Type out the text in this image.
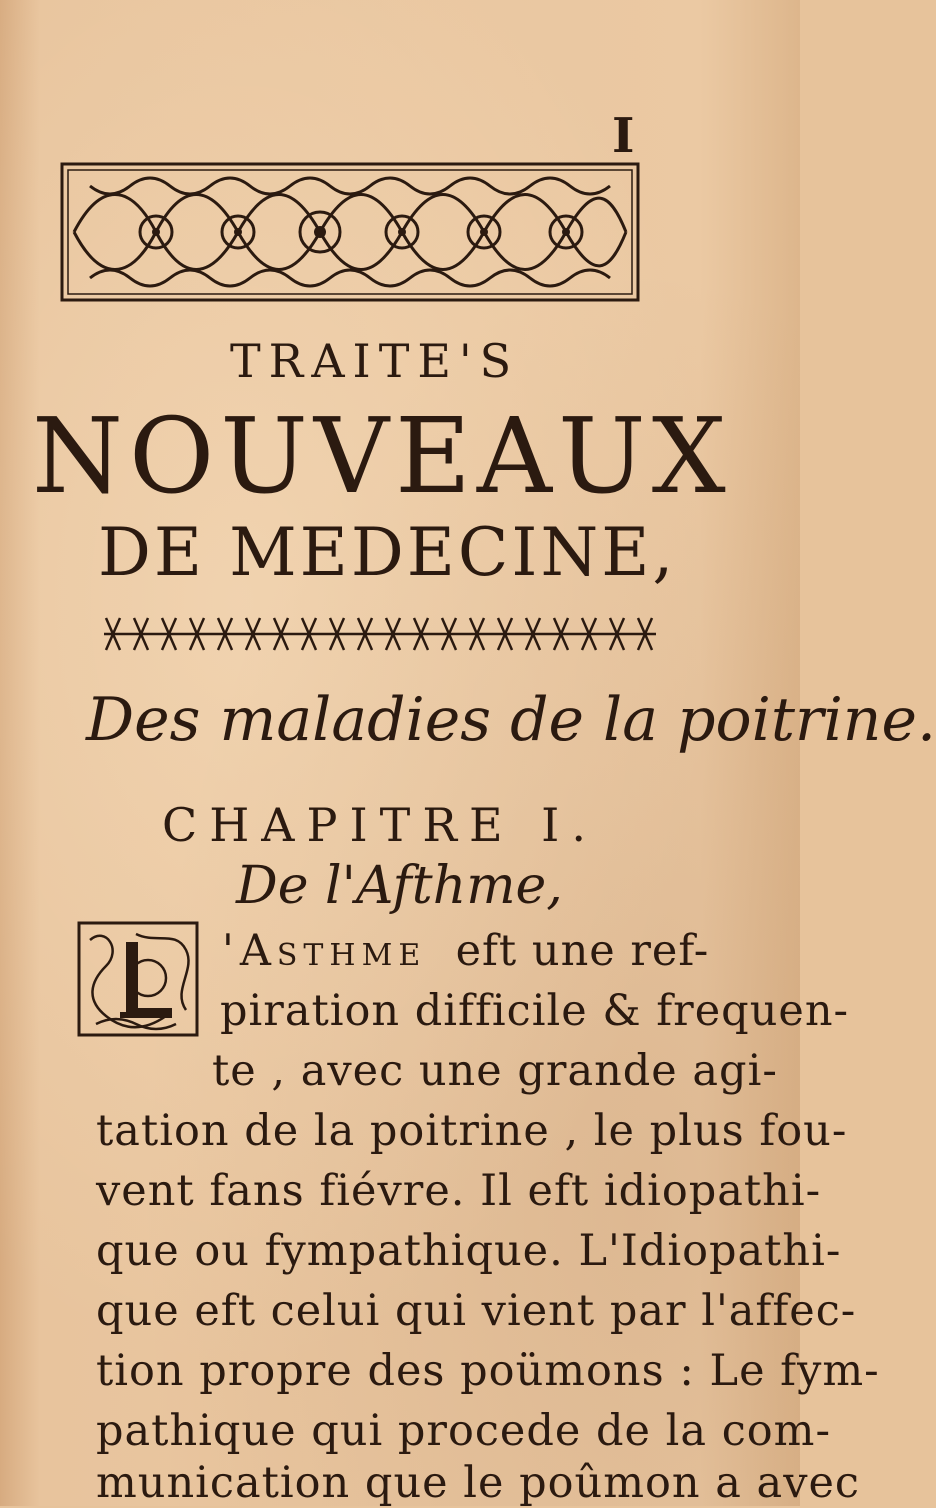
I
TRAITE'S
NOUVEAUX
DE MEDECINE,
Des maladies de la poitrine.
CHAPITRE I.
De l'Afthme,
'Asthme eft une ref-
piration difficile & frequen-
te , avec une grande agi-
tation de la poitrine , le plus fou-
vent fans fiévre. Il eft idiopathi-
que ou fympathique. L'Idiopathi-
que eft celui qui vient par l'affec-
tion propre des poümons : Le fym-
pathique qui procede de la com-
munication que le poûmon a avec
